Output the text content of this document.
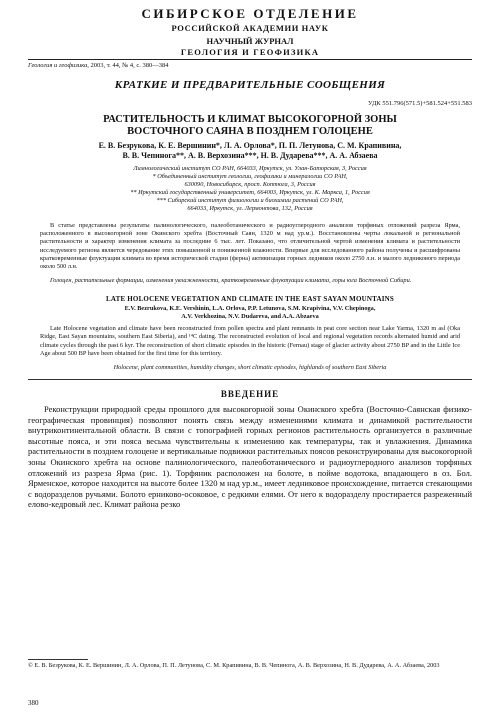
СИБИРСКОЕ ОТДЕЛЕНИЕ
РОССИЙСКОЙ АКАДЕМИИ НАУК
НАУЧНЫЙ ЖУРНАЛ
ГЕОЛОГИЯ И ГЕОФИЗИКА
Геология и геофизика, 2003, т. 44, № 4, с. 380—384
КРАТКИЕ И ПРЕДВАРИТЕЛЬНЫЕ СООБЩЕНИЯ
УДК 551.796(571.5)+581.524+551.583
РАСТИТЕЛЬНОСТЬ И КЛИМАТ ВЫСОКОГОРНОЙ ЗОНЫ
ВОСТОЧНОГО САЯНА В ПОЗДНЕМ ГОЛОЦЕНЕ
Е. В. Безрукова, К. Е. Вершинин*, Л. А. Орлова*, П. П. Летунова, С. М. Крапивина,
В. В. Чепинога**, А. В. Верхозина***, Н. В. Дударева***, А. А. Абзаева
Лимнологический институт СО РАН, 664033, Иркутск, ул. Улан-Баторская, 3, Россия
* Объединенный институт геологии, геофизики и минералогии СО РАН,
630090, Новосибирск, просп. Коптюга, 3, Россия
** Иркутский государственный университет, 664003, Иркутск, ул. К. Маркса, 1, Россия
*** Сибирский институт физиологии и биохимии растений СО РАН,
664033, Иркутск, ул. Лермонтова, 132, Россия
В статье представлены результаты палинологического, палеоботанического и радиоуглеродного анализов торфяных отложений разреза Ярма, расположенного в высокогорной зоне Окинского хребта (Восточный Саян, 1320 м над ур.м.). Восстановлены черты локальной и региональной растительности и характер изменения климата за последние 6 тыс. лет. Показано, что отличительной чертой изменения климата и растительности исследуемого региона является чередование этих повышенной и пониженной влажности. Впервые для исследованного района получены и расшифрованы кратковременные флуктуации климата во время исторической стадии (ферна) активизации горных ледников около 2750 л.н. и малого ледникового периода около 500 л.н.
Голоцен, растительные формации, изменения увлажненности, кратковременные флуктуации климата, горы юга Восточной Сибири.
LATE HOLOCENE VEGETATION AND CLIMATE IN THE EAST SAYAN MOUNTAINS
E.V. Bezrukova, K.E. Vershinin, L.A. Orlova, P.P. Letunova, S.M. Krapivina, V.V. Chepinoga,
A.V. Verkhozina, N.V. Dudareva, and A.A. Abzaeva
Late Holocene vegetation and climate have been reconstructed from pollen spectra and plant remnants in peat core section near Lake Yarma, 1320 m asl (Oka Ridge, East Sayan mountains, southern East Siberia), and ¹⁴C dating. The reconstructed evolution of local and regional vegetation records alternated humid and arid climate cycles through the past 6 kyr. The reconstruction of short climatic episodes in the historic (Fernau) stage of glacier activity about 2750 BP and in the Little Ice Age about 500 BP have been obtained for the first time for this territory.
Holocene, plant communities, humidity changes, short climatic episodes, highlands of southern East Siberia
ВВЕДЕНИЕ
Реконструкции природной среды прошлого для высокогорной зоны Окинского хребта (Восточно-Саянская физико-географическая провинция) позволяют понять связь между изменениями климата и динамикой растительности внутриконтинентальной области. В связи с топографией горных регионов растительность организуется в различные высотные пояса, и эти пояса весьма чувствительны к изменению как температуры, так и увлажнения. Динамика растительности в позднем голоцене и вертикальные подвижки растительных поясов реконструированы для высокогорной зоны Окинского хребта на основе палинологического, палеоботанического и радиоуглеродного анализов торфяных отложений из разреза Ярма (рис. 1). Торфяник расположен на болоте, в пойме водотока, впадающего в оз. Бол. Ярменское, которое находится на высоте более 1320 м над ур.м., имеет ледниковое происхождение, питается стекающими с водоразделов ручьями. Болото ерниково-осоковое, с редкими елями. От него к водоразделу простирается разреженный елово-кедровый лес. Климат района резко
© Е. В. Безрукова, К. Е. Вершинин, Л. А. Орлова, П. П. Летунова, С. М. Крапивина, В. В. Чепинога, А. В. Верхозина, Н. В. Дударева, А. А. Абзаева, 2003
380
